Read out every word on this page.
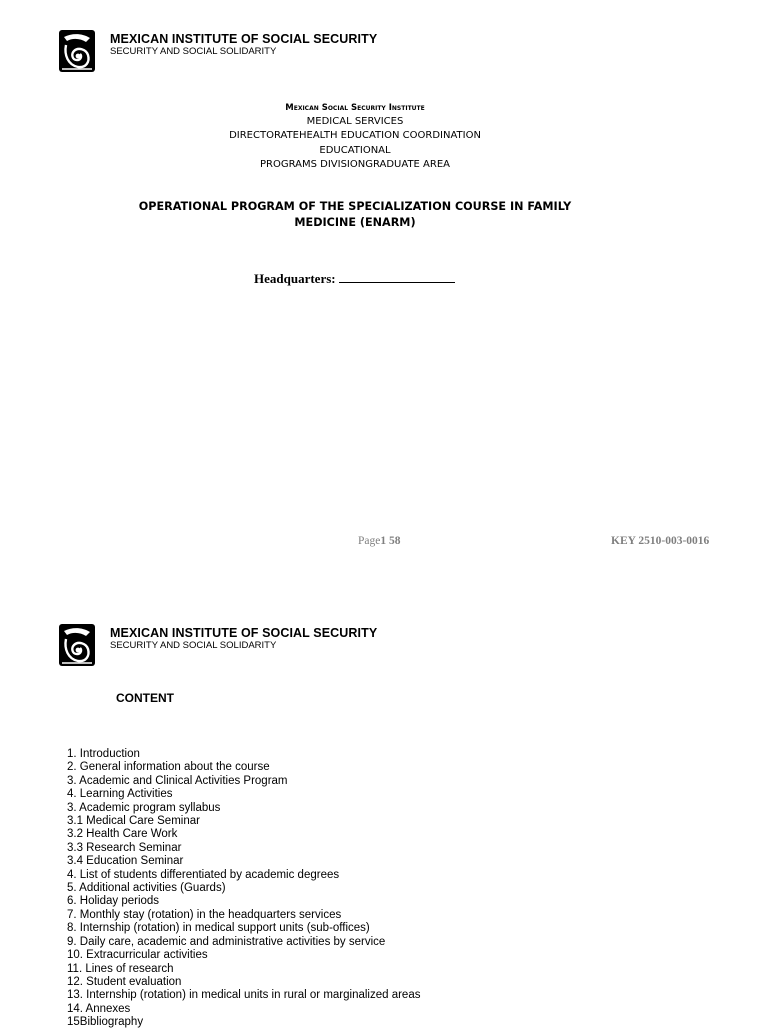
MEXICAN INSTITUTE OF SOCIAL SECURITY
SECURITY AND SOCIAL SOLIDARITY
Mexican Social Security Institute
MEDICAL SERVICES
DIRECTORATEHEALTH EDUCATION COORDINATION
EDUCATIONAL
PROGRAMS DIVISIONGRADUATE AREA
OPERATIONAL PROGRAM OF THE SPECIALIZATION COURSE IN FAMILY
MEDICINE (ENARM)
Headquarters:
Page1 58	KEY 2510-003-0016
MEXICAN INSTITUTE OF SOCIAL SECURITY
SECURITY AND SOCIAL SOLIDARITY
CONTENT
1. Introduction
2. General information about the course
3. Academic and Clinical Activities Program
4. Learning Activities
3. Academic program syllabus
3.1 Medical Care Seminar
3.2 Health Care Work
3.3 Research Seminar
3.4 Education Seminar
4. List of students differentiated by academic degrees
5. Additional activities (Guards)
6. Holiday periods
7. Monthly stay (rotation) in the headquarters services
8. Internship (rotation) in medical support units (sub-offices)
9. Daily care, academic and administrative activities by service
10. Extracurricular activities
11. Lines of research
12. Student evaluation
13. Internship (rotation) in medical units in rural or marginalized areas
14. Annexes
15Bibliography
